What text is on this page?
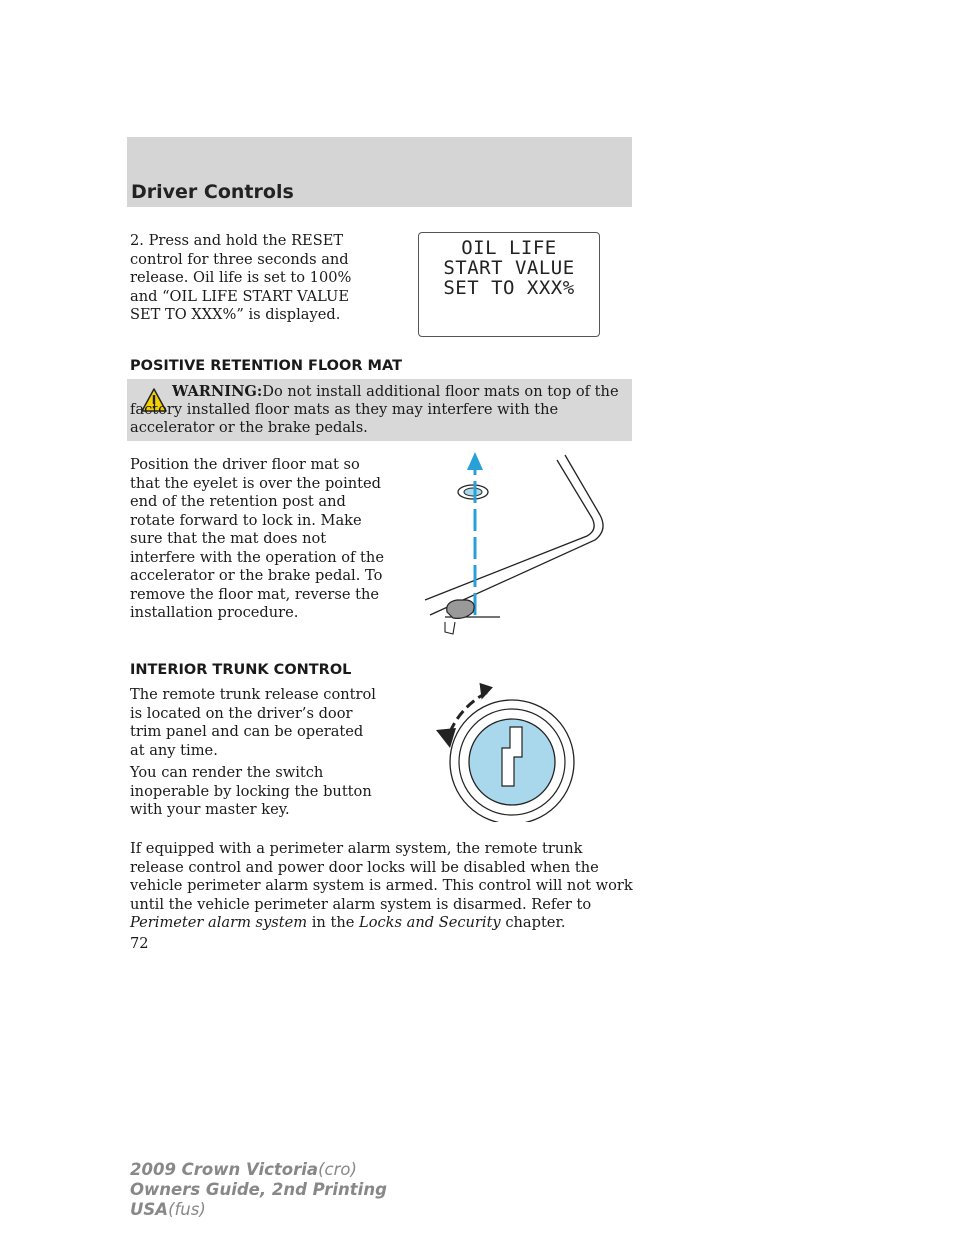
Driver Controls

2. Press and hold the RESET control for three seconds and release. Oil life is set to 100% and “OIL LIFE START VALUE SET TO XXX%” is displayed.

OIL LIFE
START VALUE
SET TO XXX%
POSITIVE RETENTION FLOOR MAT

WARNING:Do not install additional floor mats on top of the factory installed floor mats as they may interfere with the accelerator or the brake pedals.

Position the driver floor mat so that the eyelet is over the pointed end of the retention post and rotate forward to lock in. Make sure that the mat does not interfere with the operation of the accelerator or the brake pedal. To remove the floor mat, reverse the installation procedure.

INTERIOR TRUNK CONTROL

The remote trunk release control is located on the driver’s door trim panel and can be operated at any time.

You can render the switch inoperable by locking the button with your master key.

If equipped with a perimeter alarm system, the remote trunk release control and power door locks will be disabled when the vehicle perimeter alarm system is armed. This control will not work until the vehicle perimeter alarm system is disarmed. Refer to Perimeter alarm system in the Locks and Security chapter.

72
2009 Crown Victoria(cro)
Owners Guide, 2nd Printing
USA(fus)
